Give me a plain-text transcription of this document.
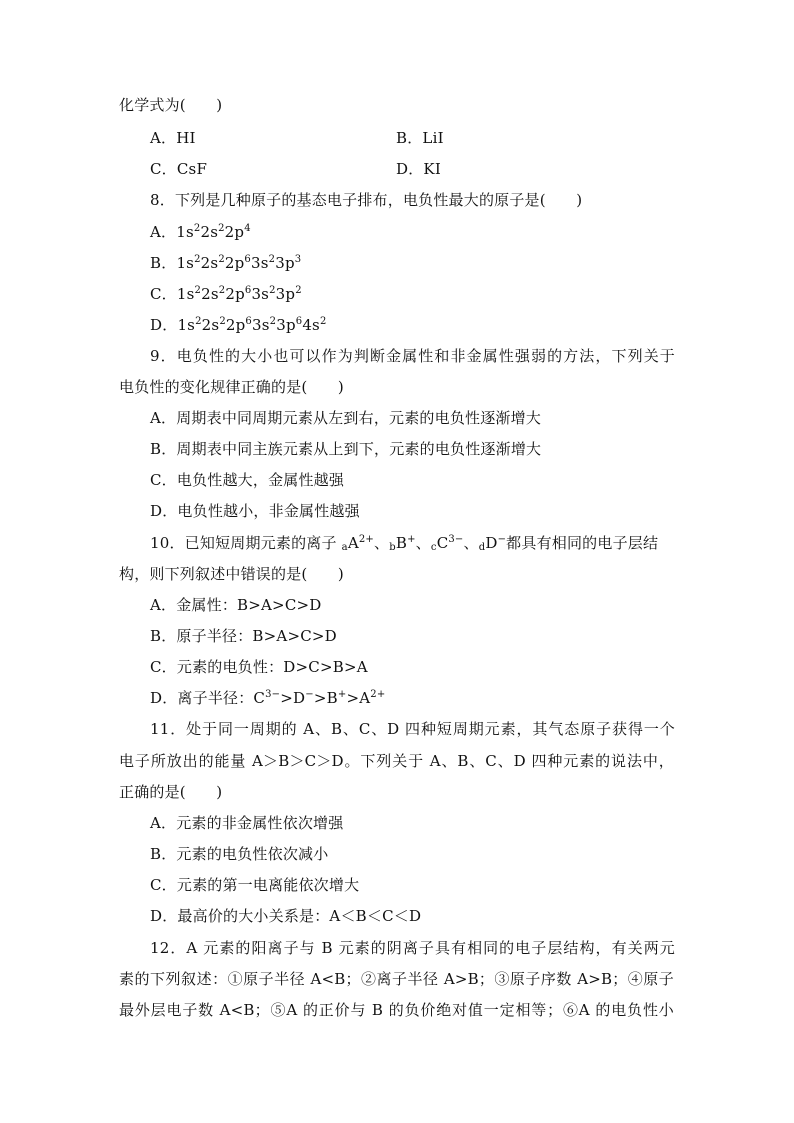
化学式为(　　)
A．HI	B．LiI
C．CsF	D．KI
8．下列是几种原子的基态电子排布，电负性最大的原子是(　　)
A．$1s^22s^22p^4$
B．$1s^22s^22p^63s^23p^3$
C．$1s^22s^22p^63s^23p^2$
D．$1s^22s^22p^63s^23p^64s^2$
9．电负性的大小也可以作为判断金属性和非金属性强弱的方法，下列关于
电负性的变化规律正确的是(　　)
A．周期表中同周期元素从左到右，元素的电负性逐渐增大
B．周期表中同主族元素从上到下，元素的电负性逐渐增大
C．电负性越大，金属性越强
D．电负性越小，非金属性越强
10．已知短周期元素的离子 $aA^{2+}$、bB+、$cC^{3-}$、dD−都具有相同的电子层结
构，则下列叙述中错误的是(　　)
A．金属性：B>A>C>D
B．原子半径：B>A>C>D
C．元素的电负性：D>C>B>A
D．离子半径：$C^{3-}>D^->B^+>A^{2+}$
11．处于同一周期的 A、B、C、D 四种短周期元素，其气态原子获得一个
电子所放出的能量 A＞B＞C＞D。下列关于 A、B、C、D 四种元素的说法中，
正确的是(　　)
A．元素的非金属性依次增强
B．元素的电负性依次减小
C．元素的第一电离能依次增大
D．最高价的大小关系是：A＜B＜C＜D
12．A 元素的阳离子与 B 元素的阴离子具有相同的电子层结构，有关两元
素的下列叙述：①原子半径 A<B；②离子半径 A>B；③原子序数 A>B；④原子
最外层电子数 A<B；⑤A 的正价与 B 的负价绝对值一定相等；⑥A 的电负性小
